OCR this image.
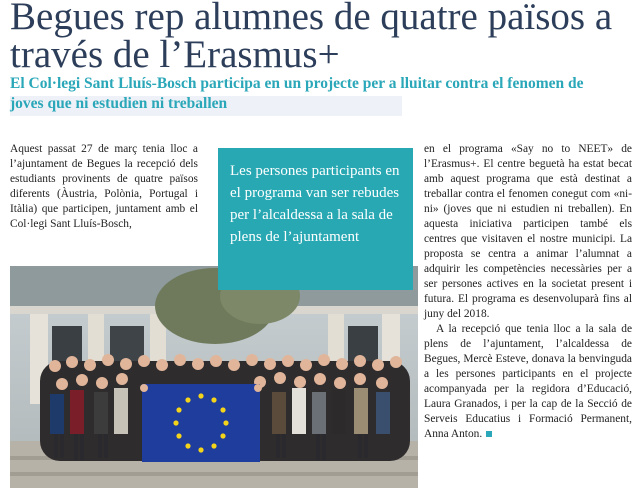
Begues rep alumnes de quatre països a través de l’Erasmus+
El Col·legi Sant Lluís-Bosch participa en un projecte per a lluitar contra el fenomen de joves que ni estudien ni treballen

Aquest passat 27 de març tenia lloc a l’ajuntament de Begues la recepció dels estudiants provinents de quatre països diferents (Àustria, Polònia, Portugal i Itàlia) que participen, juntament amb el Col·legi Sant Lluís-Bosch,

Les persones participants en el programa van ser rebudes per l’alcaldessa a la sala de plens de l’ajuntament

en el programa «Say no to NEET» de l’Erasmus+. El centre beguetà ha estat becat amb aquest programa que està destinat a treballar contra el fenomen conegut com «ni-ni» (joves que ni estudien ni treballen). En aquesta iniciativa participen també els centres que visitaven el nostre municipi. La proposta se centra a animar l’alumnat a adquirir les competències necessàries per a ser persones actives en la societat present i futura. El programa es desenvoluparà fins al juny del 2018.

A la recepció que tenia lloc a la sala de plens de l’ajuntament, l’alcaldessa de Begues, Mercè Esteve, donava la benvinguda a les persones participants en el projecte acompanyada per la regidora d’Educació, Laura Granados, i per la cap de la Secció de Serveis Educatius i Formació Permanent, Anna Anton.
